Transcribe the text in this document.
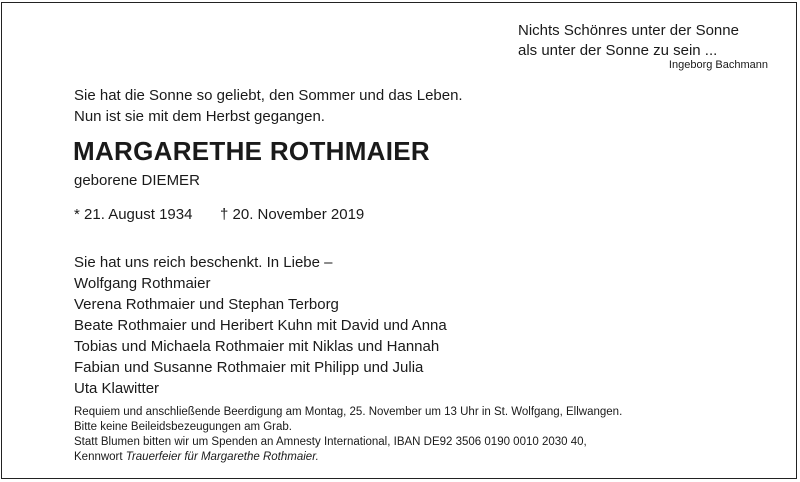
Nichts Schönres unter der Sonne
als unter der Sonne zu sein ...
Ingeborg Bachmann
Sie hat die Sonne so geliebt, den Sommer und das Leben.
Nun ist sie mit dem Herbst gegangen.
MARGARETHE ROTHMAIER
geborene DIEMER
* 21. August 1934 † 20. November 2019
Sie hat uns reich beschenkt. In Liebe –
Wolfgang Rothmaier
Verena Rothmaier und Stephan Terborg
Beate Rothmaier und Heribert Kuhn mit David und Anna
Tobias und Michaela Rothmaier mit Niklas und Hannah
Fabian und Susanne Rothmaier mit Philipp und Julia
Uta Klawitter
Requiem und anschließende Beerdigung am Montag, 25. November um 13 Uhr in St. Wolfgang, Ellwangen.
Bitte keine Beileidsbezeugungen am Grab.
Statt Blumen bitten wir um Spenden an Amnesty International, IBAN DE92 3506 0190 0010 2030 40,
Kennwort Trauerfeier für Margarethe Rothmaier.
